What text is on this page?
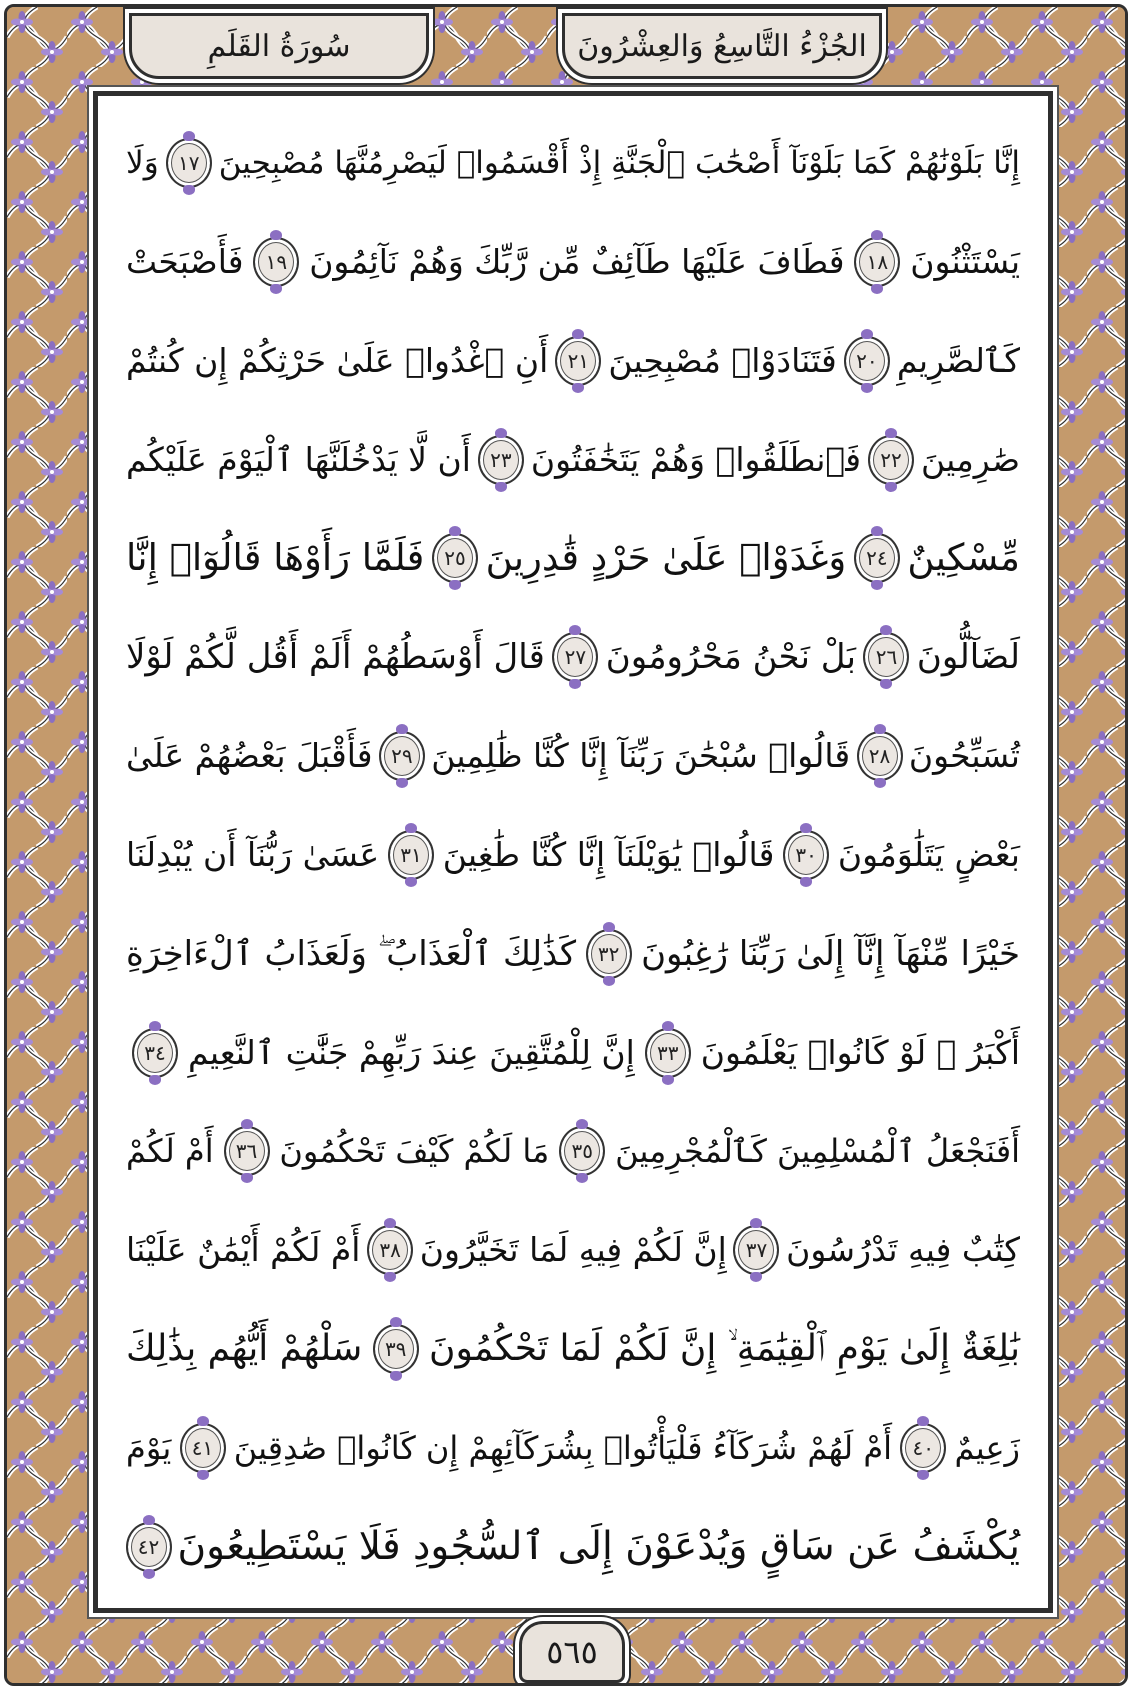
الجُزْءُ التَّاسِعُ وَالعِشْرُونَ
سُورَةُ القَلَمِ
إِنَّا بَلَوْنَٰهُمْ كَمَا بَلَوْنَآ أَصْحَٰبَ ٱلْجَنَّةِ إِذْ أَقْسَمُوا۟ لَيَصْرِمُنَّهَا مُصْبِحِينَ
١٧
وَلَا
يَسْتَثْنُونَ
١٨
فَطَافَ عَلَيْهَا طَآئِفٌ مِّن رَّبِّكَ وَهُمْ نَآئِمُونَ
١٩
فَأَصْبَحَتْ
كَٱلصَّرِيمِ
٢٠
فَتَنَادَوْا۟ مُصْبِحِينَ
٢١
أَنِ ٱغْدُوا۟ عَلَىٰ حَرْثِكُمْ إِن كُنتُمْ
صَٰرِمِينَ
٢٢
فَٱنطَلَقُوا۟ وَهُمْ يَتَخَٰفَتُونَ
٢٣
أَن لَّا يَدْخُلَنَّهَا ٱلْيَوْمَ عَلَيْكُم
مِّسْكِينٌ
٢٤
وَغَدَوْا۟ عَلَىٰ حَرْدٍ قَٰدِرِينَ
٢٥
فَلَمَّا رَأَوْهَا قَالُوٓا۟ إِنَّا
لَضَآلُّونَ
٢٦
بَلْ نَحْنُ مَحْرُومُونَ
٢٧
قَالَ أَوْسَطُهُمْ أَلَمْ أَقُل لَّكُمْ لَوْلَا
تُسَبِّحُونَ
٢٨
قَالُوا۟ سُبْحَٰنَ رَبِّنَآ إِنَّا كُنَّا ظَٰلِمِينَ
٢٩
فَأَقْبَلَ بَعْضُهُمْ عَلَىٰ
بَعْضٍ يَتَلَٰوَمُونَ
٣٠
قَالُوا۟ يَٰوَيْلَنَآ إِنَّا كُنَّا طَٰغِينَ
٣١
عَسَىٰ رَبُّنَآ أَن يُبْدِلَنَا
خَيْرًا مِّنْهَآ إِنَّآ إِلَىٰ رَبِّنَا رَٰغِبُونَ
٣٢
كَذَٰلِكَ ٱلْعَذَابُ ۖ وَلَعَذَابُ ٱلْءَاخِرَةِ
أَكْبَرُ ۚ لَوْ كَانُوا۟ يَعْلَمُونَ
٣٣
إِنَّ لِلْمُتَّقِينَ عِندَ رَبِّهِمْ جَنَّٰتِ ٱلنَّعِيمِ
٣٤
أَفَنَجْعَلُ ٱلْمُسْلِمِينَ كَٱلْمُجْرِمِينَ
٣٥
مَا لَكُمْ كَيْفَ تَحْكُمُونَ
٣٦
أَمْ لَكُمْ
كِتَٰبٌ فِيهِ تَدْرُسُونَ
٣٧
إِنَّ لَكُمْ فِيهِ لَمَا تَخَيَّرُونَ
٣٨
أَمْ لَكُمْ أَيْمَٰنٌ عَلَيْنَا
بَٰلِغَةٌ إِلَىٰ يَوْمِ ٱلْقِيَٰمَةِ ۙ إِنَّ لَكُمْ لَمَا تَحْكُمُونَ
٣٩
سَلْهُمْ أَيُّهُم بِذَٰلِكَ
زَعِيمٌ
٤٠
أَمْ لَهُمْ شُرَكَآءُ فَلْيَأْتُوا۟ بِشُرَكَآئِهِمْ إِن كَانُوا۟ صَٰدِقِينَ
٤١
يَوْمَ
يُكْشَفُ عَن سَاقٍ وَيُدْعَوْنَ إِلَى ٱلسُّجُودِ فَلَا يَسْتَطِيعُونَ
٤٢
٥٦٥
